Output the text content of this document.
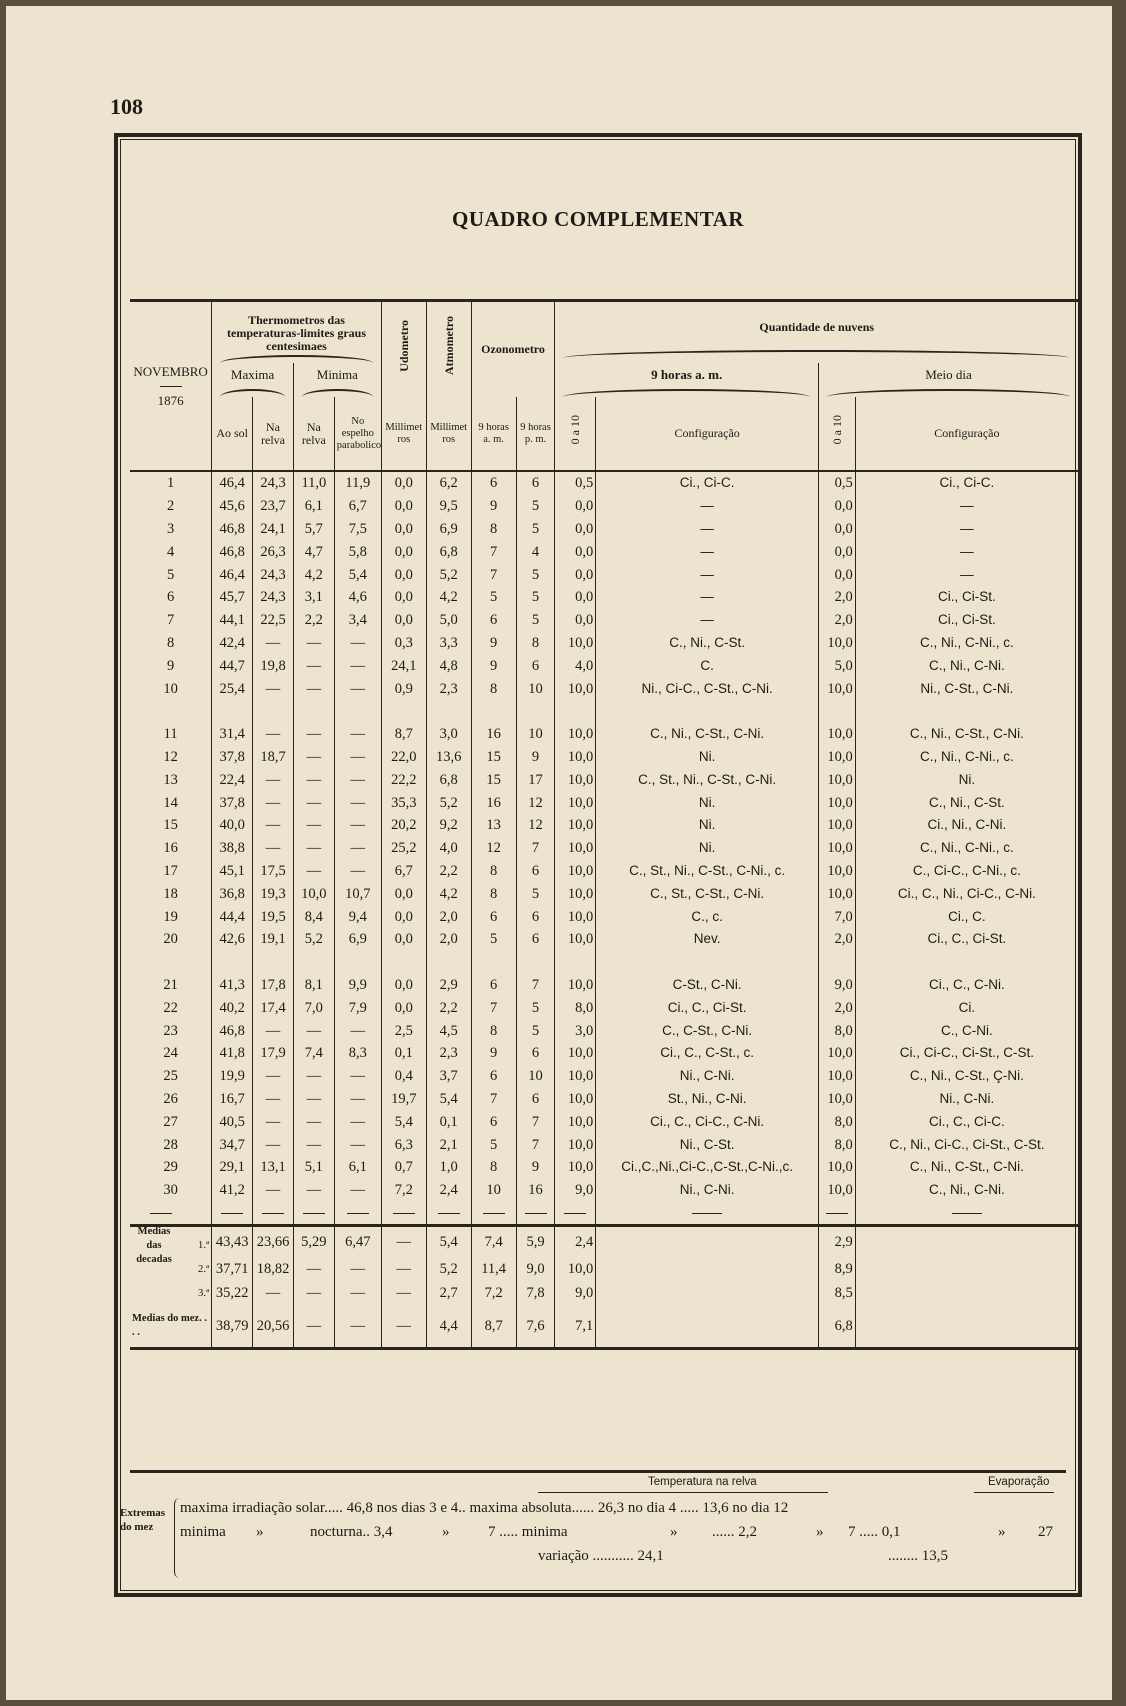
108
QUADRO COMPLEMENTAR
NOVEMBRO
1876	Thermometros das temperaturas-limites graus centesimaes				Udometro	Atmometro	Ozonometro		Quantidade de nuvens			

	Maxima		Minima						9 horas a. m.		Meio dia	

	Ao sol	Na relva	Na relva	No espelho parabolico	Millimetros	Millimetros	9 horas a. m.	9 horas p. m.	0 a 10	Configuração	0 a 10	Configuração
1	46,4	24,3	11,0	11,9	0,0	6,2	6	6	0,5	Ci., Ci-C.	0,5	Ci., Ci-C.
2	45,6	23,7	6,1	6,7	0,0	9,5	9	5	0,0	—	0,0	—
3	46,8	24,1	5,7	7,5	0,0	6,9	8	5	0,0	—	0,0	—
4	46,8	26,3	4,7	5,8	0,0	6,8	7	4	0,0	—	0,0	—
5	46,4	24,3	4,2	5,4	0,0	5,2	7	5	0,0	—	0,0	—
6	45,7	24,3	3,1	4,6	0,0	4,2	5	5	0,0	—	2,0	Ci., Ci-St.
7	44,1	22,5	2,2	3,4	0,0	5,0	6	5	0,0	—	2,0	Ci., Ci-St.
8	42,4	—	—	—	0,3	3,3	9	8	10,0	C., Ni., C-St.	10,0	C., Ni., C-Ni., c.
9	44,7	19,8	—	—	24,1	4,8	9	6	4,0	C.	5,0	C., Ni., C-Ni.
10	25,4	—	—	—	0,9	2,3	8	10	10,0	Ni., Ci-C., C-St., C-Ni.	10,0	Ni., C-St., C-Ni.

11	31,4	—	—	—	8,7	3,0	16	10	10,0	C., Ni., C-St., C-Ni.	10,0	C., Ni., C-St., C-Ni.
12	37,8	18,7	—	—	22,0	13,6	15	9	10,0	Ni.	10,0	C., Ni., C-Ni., c.
13	22,4	—	—	—	22,2	6,8	15	17	10,0	C., St., Ni., C-St., C-Ni.	10,0	Ni.
14	37,8	—	—	—	35,3	5,2	16	12	10,0	Ni.	10,0	C., Ni., C-St.
15	40,0	—	—	—	20,2	9,2	13	12	10,0	Ni.	10,0	Ci., Ni., C-Ni.
16	38,8	—	—	—	25,2	4,0	12	7	10,0	Ni.	10,0	C., Ni., C-Ni., c.
17	45,1	17,5	—	—	6,7	2,2	8	6	10,0	C., St., Ni., C-St., C-Ni., c.	10,0	C., Ci-C., C-Ni., c.
18	36,8	19,3	10,0	10,7	0,0	4,2	8	5	10,0	C., St., C-St., C-Ni.	10,0	Ci., C., Ni., Ci-C., C-Ni.
19	44,4	19,5	8,4	9,4	0,0	2,0	6	6	10,0	C., c.	7,0	Ci., C.
20	42,6	19,1	5,2	6,9	0,0	2,0	5	6	10,0	Nev.	2,0	Ci., C., Ci-St.

21	41,3	17,8	8,1	9,9	0,0	2,9	6	7	10,0	C-St., C-Ni.	9,0	Ci., C., C-Ni.
22	40,2	17,4	7,0	7,9	0,0	2,2	7	5	8,0	Ci., C., Ci-St.	2,0	Ci.
23	46,8	—	—	—	2,5	4,5	8	5	3,0	C., C-St., C-Ni.	8,0	C., C-Ni.
24	41,8	17,9	7,4	8,3	0,1	2,3	9	6	10,0	Ci., C., C-St., c.	10,0	Ci., Ci-C., Ci-St., C-St.
25	19,9	—	—	—	0,4	3,7	6	10	10,0	Ni., C-Ni.	10,0	C., Ni., C-St., Ç-Ni.
26	16,7	—	—	—	19,7	5,4	7	6	10,0	St., Ni., C-Ni.	10,0	Ni., C-Ni.
27	40,5	—	—	—	5,4	0,1	6	7	10,0	Ci., C., Ci-C., C-Ni.	8,0	Ci., C., Ci-C.
28	34,7	—	—	—	6,3	2,1	5	7	10,0	Ni., C-St.	8,0	C., Ni., Ci-C., Ci-St., C-St.
29	29,1	13,1	5,1	6,1	0,7	1,0	8	9	10,0	Ci.,C.,Ni.,Ci-C.,C-St.,C-Ni.,c.	10,0	C., Ni., C-St., C-Ni.
30	41,2	—	—	—	7,2	2,4	10	16	9,0	Ni., C-Ni.	10,0	C., Ni., C-Ni.

Medias das decadas
1.ª	43,43	23,66	5,29	6,47	—	5,4	7,4	5,9	2,4		2,9	

2.ª	37,71	18,82	—	—	—	5,2	11,4	9,0	10,0		8,9	

3.ª	35,22	—	—	—	—	2,7	7,2	7,8	9,0		8,5	
Medias do mez. . . .	38,79	20,56	—	—	—	4,4	8,7	7,6	7,1		6,8	
Temperatura na relva	Evaporação
Extremas do mez
maxima irradiação solar..... 46,8 nos dias 3 e 4.. maxima absoluta...... 26,3 no dia 4 ..... 13,6 no dia 12
minima »	nocturna.. 3,4	»	7 ..... minima	» ...... 2,2	» 7 ..... 0,1	» 27
variação ........... 24,1	........ 13,5
